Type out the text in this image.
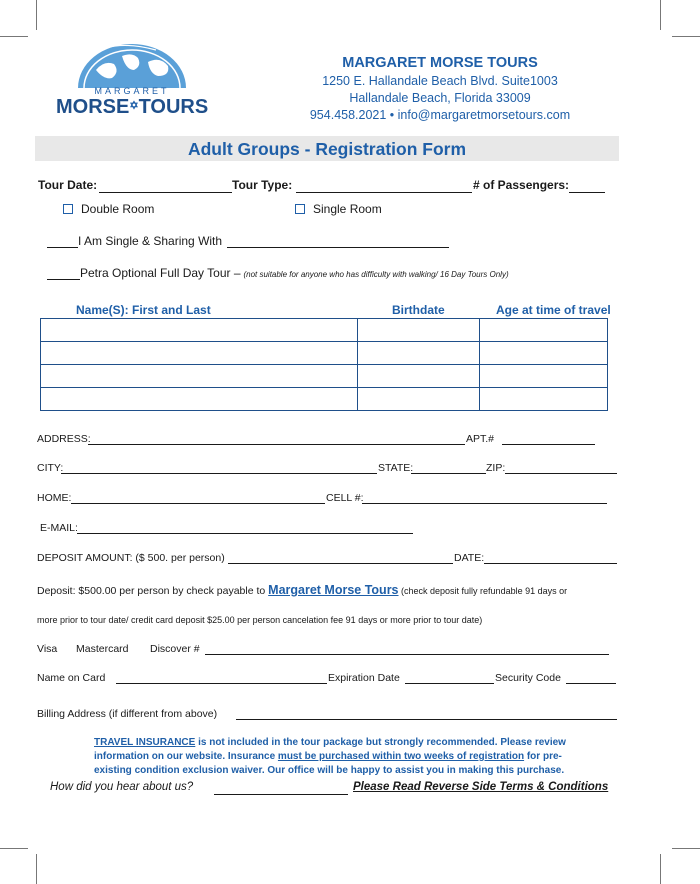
MARGARET
MORSE✡TOURS
MARGARET MORSE TOURS
1250 E. Hallandale Beach Blvd. Suite1003
Hallandale Beach, Florida 33009
954.458.2021 • info@margaretmorsetours.com
Adult Groups - Registration Form
Tour Date:	Tour Type:	# of Passengers:
Double Room	Single Room
I Am Single & Sharing With
Petra Optional Full Day Tour – (not suitable for anyone who has difficulty with walking/ 16 Day Tours Only)
Name(S): First and Last	Birthdate	Age at time of travel

ADDRESS:	APT.#
CITY:	STATE:	ZIP:
HOME:	CELL #:
E-MAIL:
DEPOSIT AMOUNT: ($ 500. per person)	DATE:
Deposit: $500.00 per person by check payable to Margaret Morse Tours (check deposit fully refundable 91 days or
more prior to tour date/ credit card deposit $25.00 per person cancelation fee 91 days or more prior to tour date)
Visa Mastercard Discover #
Name on Card	Expiration Date	Security Code
Billing Address (if different from above)
TRAVEL INSURANCE is not included in the tour package but strongly recommended. Please review
information on our website. Insurance must be purchased within two weeks of registration for pre-
existing condition exclusion waiver. Our office will be happy to assist you in making this purchase.
How did you hear about us?	Please Read Reverse Side Terms & Conditions
